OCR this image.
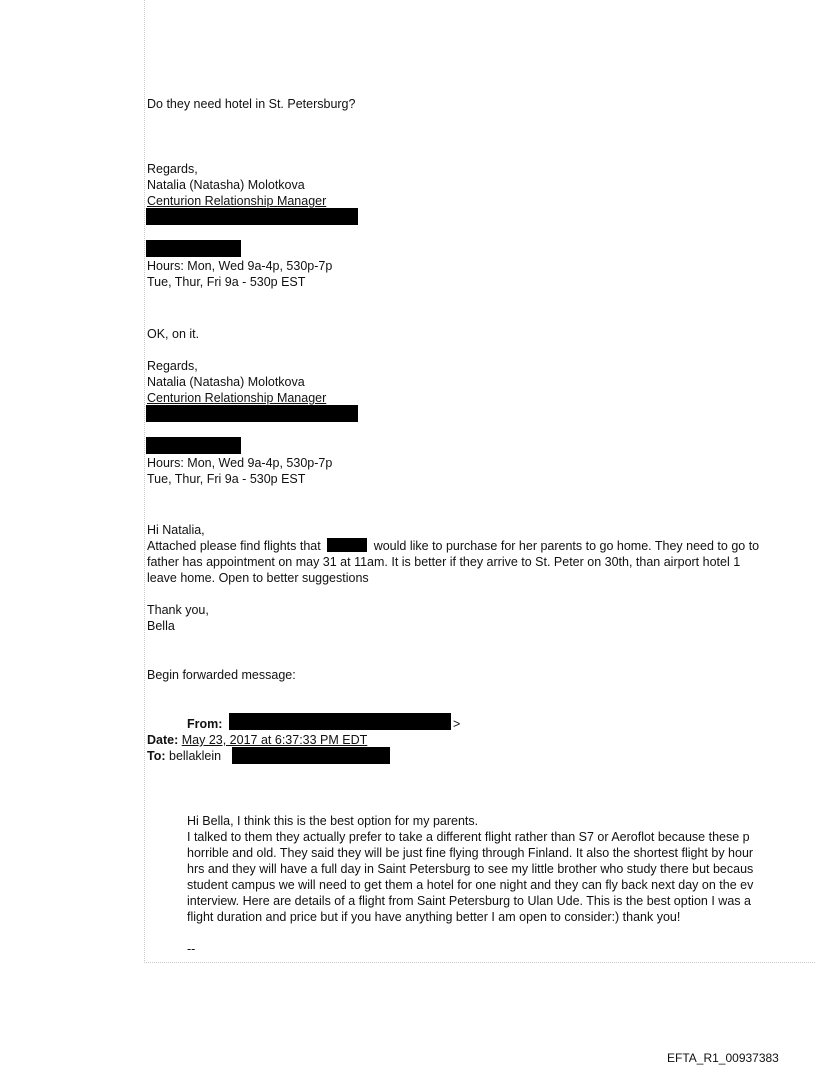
Do they need hotel in St. Petersburg?
Regards,
Natalia (Natasha) Molotkova
Centurion Relationship Manager
Hours: Mon, Wed 9a-4p, 530p-7p
Tue, Thur, Fri 9a - 530p EST
OK, on it.
Regards,
Natalia (Natasha) Molotkova
Centurion Relationship Manager
Hours: Mon, Wed 9a-4p, 530p-7p
Tue, Thur, Fri 9a - 530p EST
Hi Natalia,
Attached please find flights that	would like to purchase for her parents to go home. They need to go to
father has appointment on may 31 at 11am. It is better if they arrive to St. Peter on 30th, than airport hotel 1
leave home. Open to better suggestions
Thank you,
Bella
Begin forwarded message:
From:	>
Date: May 23, 2017 at 6:37:33 PM EDT
To: bellaklein
Hi Bella, I think this is the best option for my parents.
I talked to them they actually prefer to take a different flight rather than S7 or Aeroflot because these p
horrible and old. They said they will be just fine flying through Finland. It also the shortest flight by hour
hrs and they will have a full day in Saint Petersburg to see my little brother who study there but becaus
student campus we will need to get them a hotel for one night and they can fly back next day on the ev
interview. Here are details of a flight from Saint Petersburg to Ulan Ude. This is the best option I was a
flight duration and price but if you have anything better I am open to consider:) thank you!
--
EFTA_R1_00937383
